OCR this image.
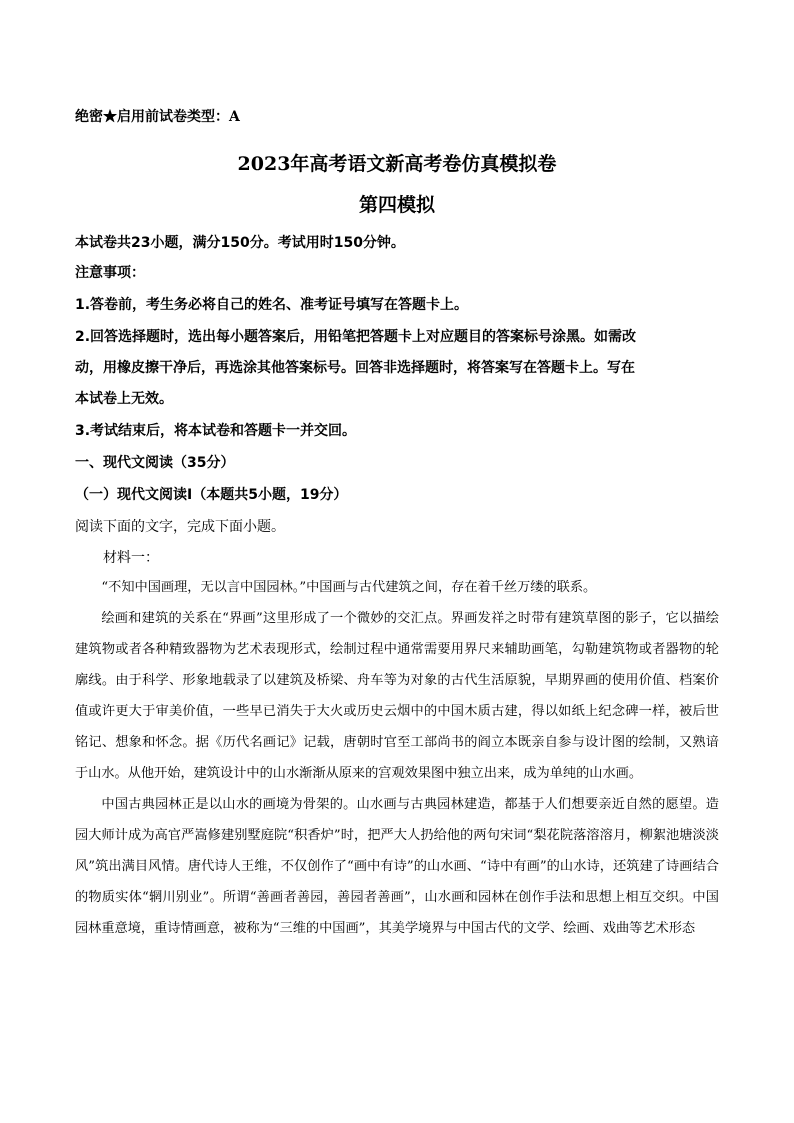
绝密★启用前试卷类型：A
2023年高考语文新高考卷仿真模拟卷
第四模拟
本试卷共23小题，满分150分。考试用时150分钟。
注意事项：
1.答卷前，考生务必将自己的姓名、准考证号填写在答题卡上。
2.回答选择题时，选出每小题答案后，用铅笔把答题卡上对应题目的答案标号涂黑。如需改
动，用橡皮擦干净后，再选涂其他答案标号。回答非选择题时，将答案写在答题卡上。写在
本试卷上无效。
3.考试结束后，将本试卷和答题卡一并交回。
一、现代文阅读（35分）
（一）现代文阅读Ⅰ（本题共5小题，19分）
阅读下面的文字，完成下面小题。
材料一：

“不知中国画理，无以言中国园林。”中国画与古代建筑之间，存在着千丝万缕的联系。

绘画和建筑的关系在“界画”这里形成了一个微妙的交汇点。界画发祥之时带有建筑草图的影子，它以描绘建筑物或者各种精致器物为艺术表现形式，绘制过程中通常需要用界尺来辅助画笔，勾勒建筑物或者器物的轮廓线。由于科学、形象地载录了以建筑及桥梁、舟车等为对象的古代生活原貌，早期界画的使用价值、档案价值或许更大于审美价值，一些早已消失于大火或历史云烟中的中国木质古建，得以如纸上纪念碑一样，被后世铭记、想象和怀念。据《历代名画记》记载，唐朝时官至工部尚书的阎立本既亲自参与设计图的绘制，又熟谙于山水。从他开始，建筑设计中的山水渐渐从原来的宫观效果图中独立出来，成为单纯的山水画。

中国古典园林正是以山水的画境为骨架的。山水画与古典园林建造，都基于人们想要亲近自然的愿望。造园大师计成为高官严嵩修建别墅庭院“积香炉”时，把严大人扔给他的两句宋词“梨花院落溶溶月，柳絮池塘淡淡风”筑出满目风情。唐代诗人王维，不仅创作了“画中有诗”的山水画、“诗中有画”的山水诗，还筑建了诗画结合的物质实体“辋川别业”。所谓“善画者善园，善园者善画”，山水画和园林在创作手法和思想上相互交织。中国园林重意境，重诗情画意，被称为“三维的中国画”，其美学境界与中国古代的文学、绘画、戏曲等艺术形态
